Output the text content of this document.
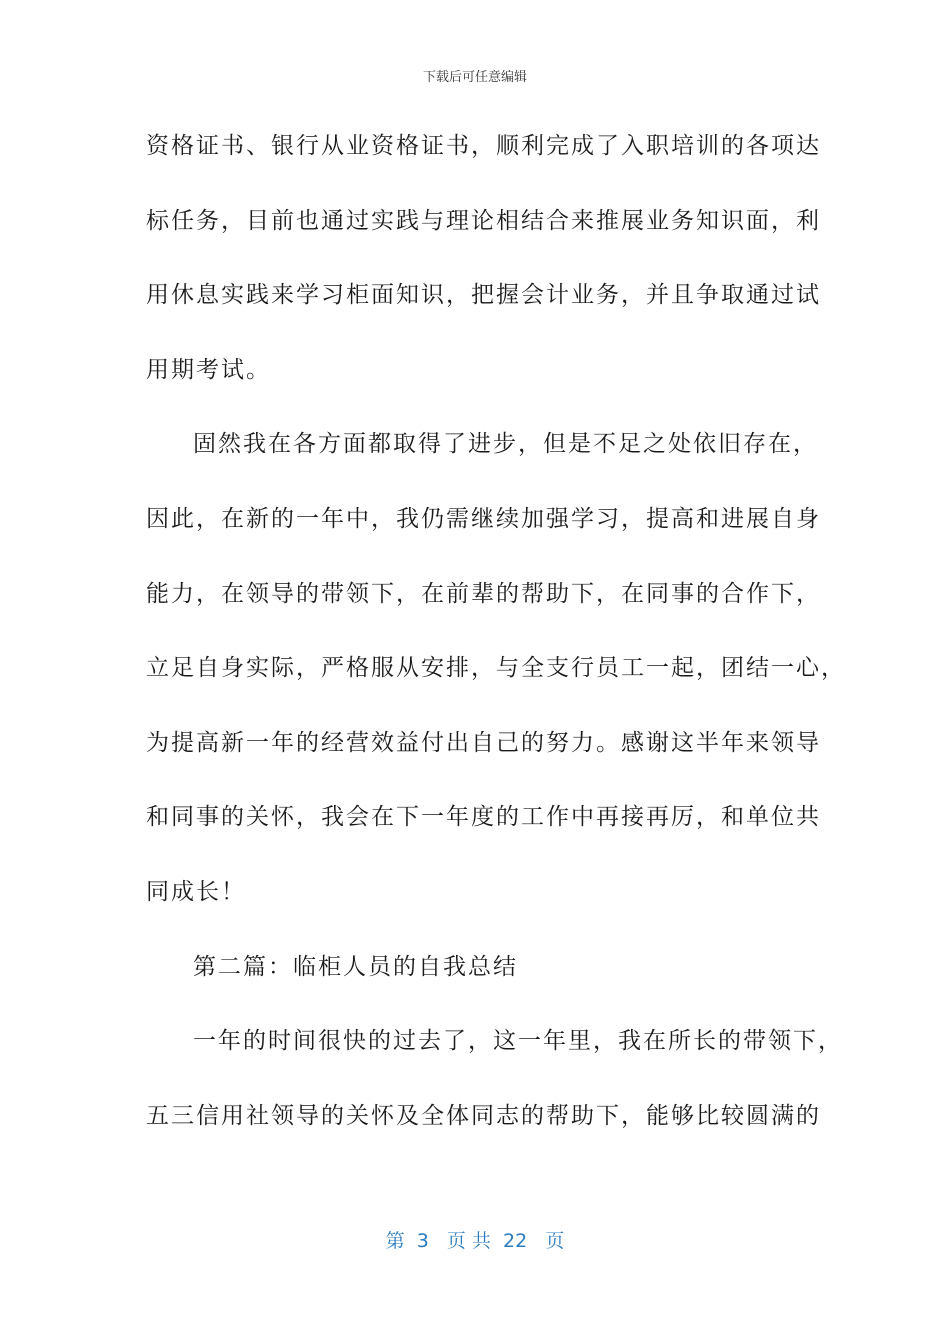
下载后可任意编辑
资格证书、银行从业资格证书，顺利完成了入职培训的各项达
标任务，目前也通过实践与理论相结合来推展业务知识面，利
用休息实践来学习柜面知识，把握会计业务，并且争取通过试
用期考试。
固然我在各方面都取得了进步，但是不足之处依旧存在，
因此，在新的一年中，我仍需继续加强学习，提高和进展自身
能力，在领导的带领下，在前辈的帮助下，在同事的合作下，
立足自身实际，严格服从安排，与全支行员工一起，团结一心，
为提高新一年的经营效益付出自己的努力。感谢这半年来领导
和同事的关怀，我会在下一年度的工作中再接再厉，和单位共
同成长！
第二篇：临柜人员的自我总结
一年的时间很快的过去了，这一年里，我在所长的带领下，
五三信用社领导的关怀及全体同志的帮助下，能够比较圆满的
第  3   页 共  22   页
